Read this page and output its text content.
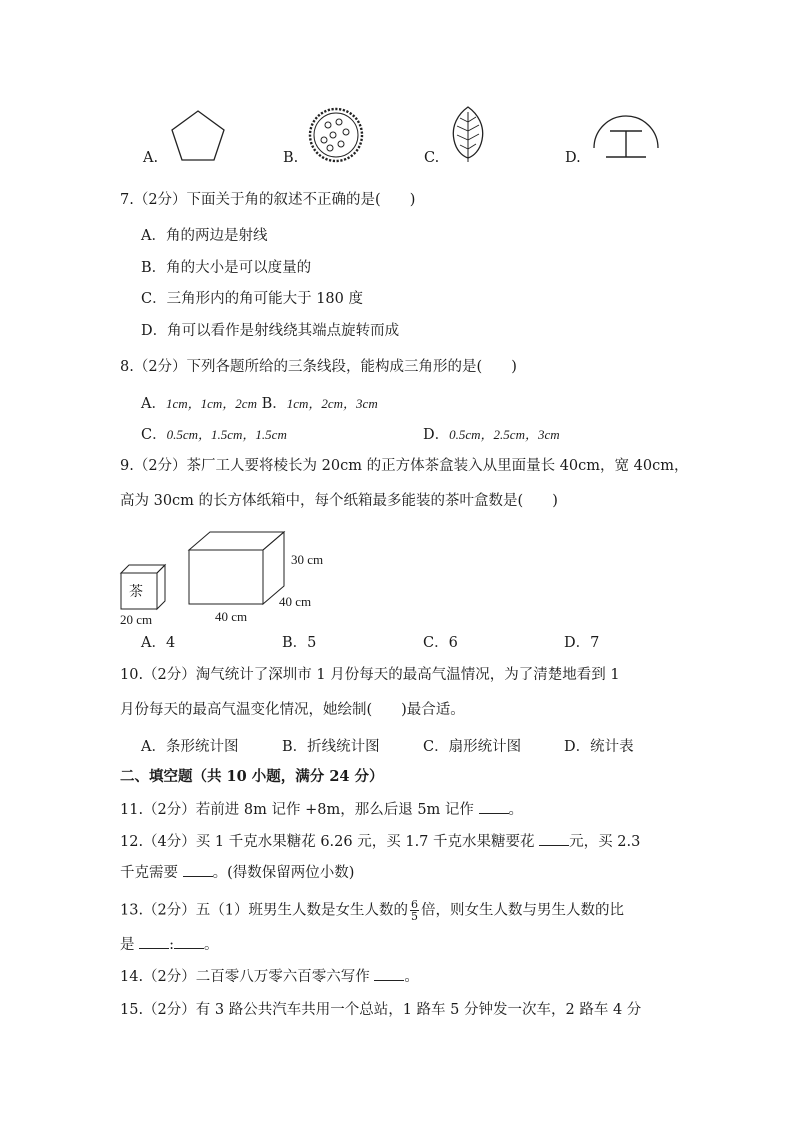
A.	B.	C.	D.
7.（2分）下面关于角的叙述不正确的是(　　)
A．角的两边是射线
B．角的大小是可以度量的
C．三角形内的角可能大于 180 度
D．角可以看作是射线绕其端点旋转而成
8.（2分）下列各题所给的三条线段，能构成三角形的是(　　)
A．1cm，1cm，2cm B．1cm，2cm，3cm
C．0.5cm，1.5cm，1.5cm	D．0.5cm，2.5cm，3cm
9.（2分）茶厂工人要将棱长为 20cm 的正方体茶盒装入从里面量长 40cm，宽 40cm，
高为 30cm 的长方体纸箱中，每个纸箱最多能装的茶叶盒数是(　　)
茶
20 cm
30 cm
40 cm
40 cm
A．4	B．5	C．6	D．7
10.（2分）淘气统计了深圳市 1 月份每天的最高气温情况，为了清楚地看到 1
月份每天的最高气温变化情况，她绘制(　　)最合适。
A．条形统计图	B．折线统计图	C．扇形统计图	D．统计表
二、填空题（共 10 小题，满分 24 分）
11.（2分）若前进 8m 记作 +8m，那么后退 5m 记作 。
12.（4分）买 1 千克水果糖花 6.26 元，买 1.7 千克水果糖要花 元，买 2.3
千克需要 。(得数保留两位小数)
13.（2分）五（1）班男生人数是女生人数的 $\frac{6}{5}$ 倍，则女生人数与男生人数的比
是 : 。
14.（2分）二百零八万零六百零六写作 。
15.（2分）有 3 路公共汽车共用一个总站，1 路车 5 分钟发一次车，2 路车 4 分
